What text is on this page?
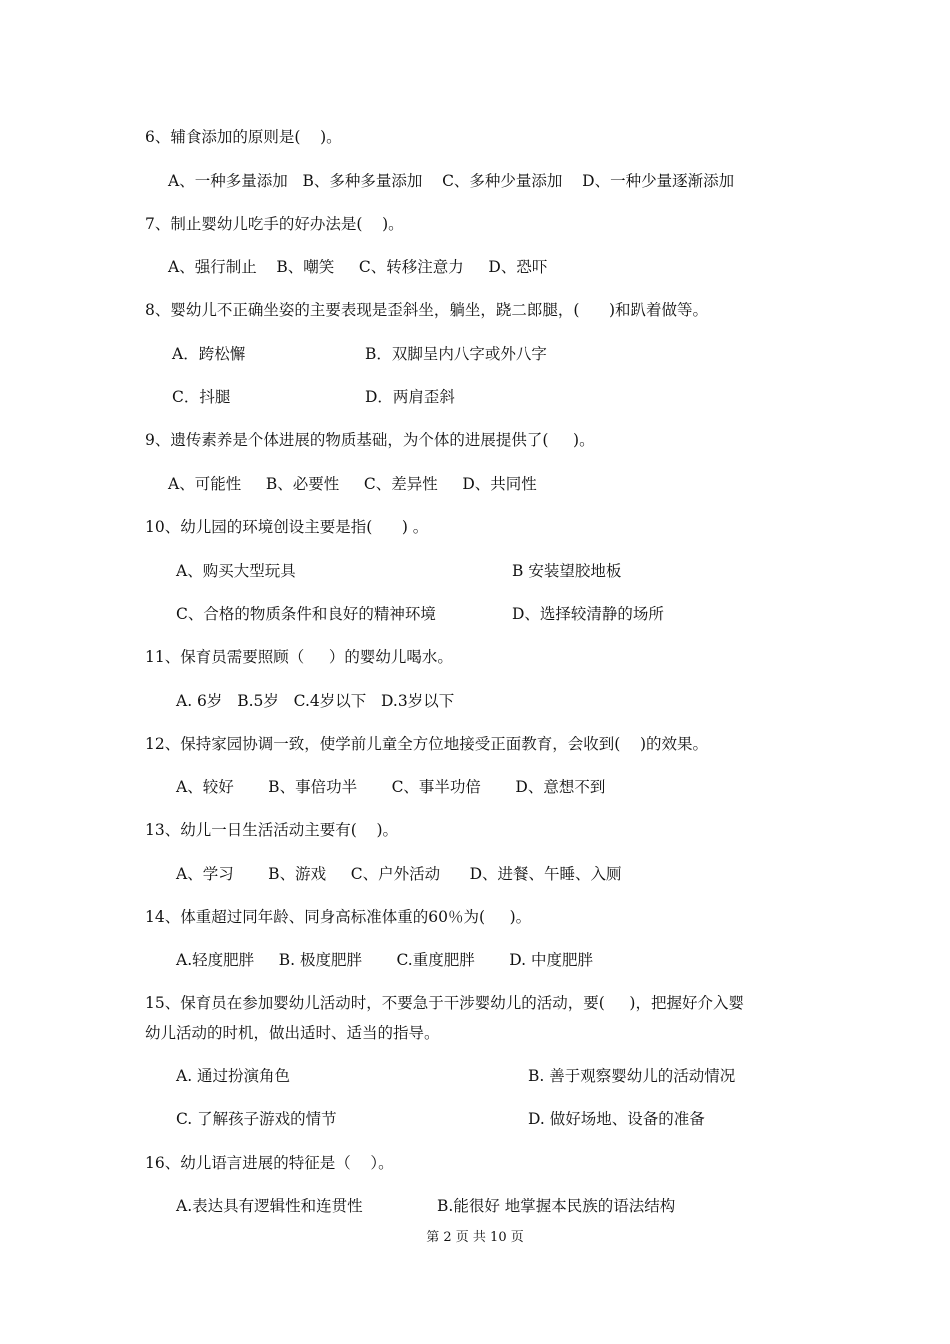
6、辅食添加的原则是(    )。
A、一种多量添加   B、多种多量添加    C、多种少量添加    D、一种少量逐渐添加
7、制止婴幼儿吃手的好办法是(    )。
A、强行制止    B、嘲笑     C、转移注意力     D、恐吓
8、婴幼儿不正确坐姿的主要表现是歪斜坐，躺坐，跷二郎腿，(      )和趴着做等。
A．跨松懈	B．双脚呈内八字或外八字
C．抖腿	D．两肩歪斜
9、遗传素养是个体进展的物质基础，为个体的进展提供了(     )。
A、可能性     B、必要性     C、差异性     D、共同性
10、幼儿园的环境创设主要是指(      ) 。
A、购买大型玩具	B 安装望胶地板
C、合格的物质条件和良好的精神环境	D、选择较清静的场所
11、保育员需要照顾（     ）的婴幼儿喝水。
A. 6岁   B.5岁   C.4岁以下   D.3岁以下
12、保持家园协调一致，使学前儿童全方位地接受正面教育，会收到(    )的效果。
A、较好       B、事倍功半       C、事半功倍       D、意想不到
13、幼儿一日生活活动主要有(    )。
A、学习       B、游戏     C、户外活动      D、进餐、午睡、入厕
14、体重超过同年龄、同身高标准体重的60％为(     )。
A.轻度肥胖     B. 极度肥胖       C.重度肥胖       D. 中度肥胖
15、保育员在参加婴幼儿活动时，不要急于干涉婴幼儿的活动，要(     )，把握好介入婴
幼儿活动的时机，做出适时、适当的指导。
A. 通过扮演角色	B. 善于观察婴幼儿的活动情况
C. 了解孩子游戏的情节	D. 做好场地、设备的准备
16、幼儿语言进展的特征是（    ）。
A.表达具有逻辑性和连贯性	B.能很好 地掌握本民族的语法结构
第 2 页 共 10 页
